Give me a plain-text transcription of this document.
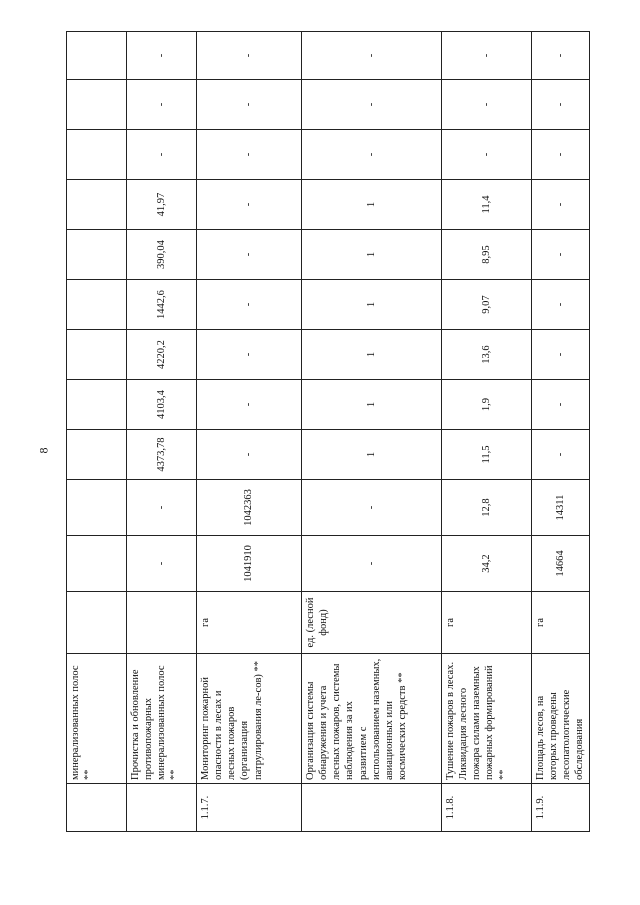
8
	минерализованных полос **												
	Прочистка и обновление противопожарных минерализованных полос **		-	-	4373,78	4103,4	4220,2	1442,6	390,04	41,97	-	-	-
1.1.7.	Мониторинг пожарной опасности в лесах и лесных пожаров (организация патрулирования ле-сов) **	га	1041910	1042363	-	-	-	-	-	-	-	-	-
	Организация системы обнаружения и учета лесных пожаров, системы наблюдения за их развитием с использованием наземных, авиационных или космических средств **	ед. (лесной фонд)	-	-	1	1	1	1	1	1	-	-	-
1.1.8.	Тушение пожаров в лесах. Ликвидация лесного пожара силами наземных пожарных формирований **	га	34,2	12,8	11,5	1,9	13,6	9,07	8,95	11,4	-	-	-
1.1.9.	Площадь лесов, на которых проведены лесопатологические обследования	га	14664	14311	-	-	-	-	-	-	-	-	-
